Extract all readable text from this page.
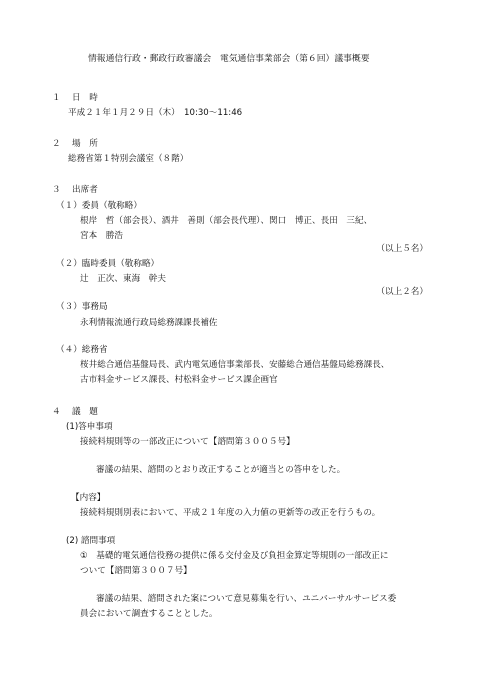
情報通信行政・郵政行政審議会　電気通信事業部会（第６回）議事概要
１ 日　時
平成２１年１月２９日（木）　10:30～11:46
２ 場　所
総務省第１特別会議室（８階）
３ 出席者
（１）委員（敬称略）
根岸　哲（部会長）、酒井　善則（部会長代理）、関口　博正、長田　三紀、
宮本　勝浩
（以上５名）
（２）臨時委員（敬称略）
辻　正次、東海　幹夫
（以上２名）
（３）事務局
永利情報流通行政局総務課課長補佐
（４）総務省
桜井総合通信基盤局長、武内電気通信事業部長、安藤総合通信基盤局総務課長、
古市料金サービス課長、村松料金サービス課企画官
４ 議　題
(1)答申事項
接続料規則等の一部改正について【諮問第３００５号】
審議の結果、諮問のとおり改正することが適当との答申をした。
【内容】
接続料規則別表において、平成２１年度の入力値の更新等の改正を行うもの。
(2) 諮問事項
①　基礎的電気通信役務の提供に係る交付金及び負担金算定等規則の一部改正に
ついて【諮問第３００７号】
審議の結果、諮問された案について意見募集を行い、ユニバーサルサービス委
員会において調査することとした。
